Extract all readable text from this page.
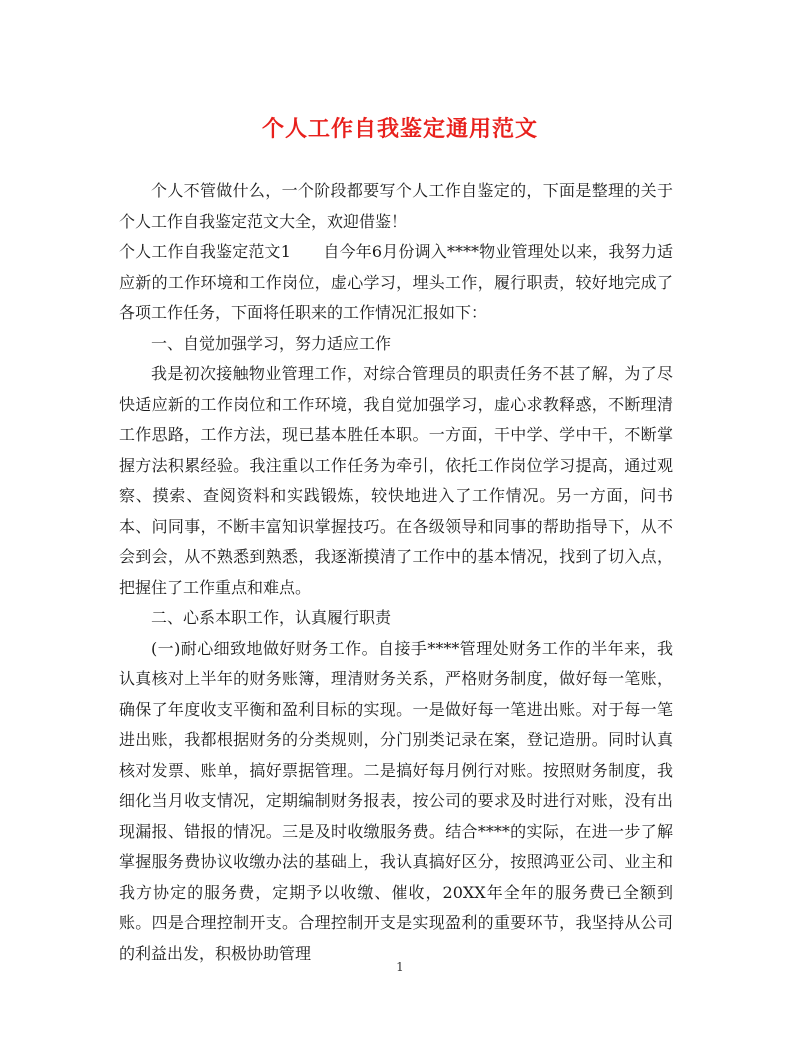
个人工作自我鉴定通用范文

个人不管做什么，一个阶段都要写个人工作自鉴定的，下面是整理的关于个人工作自我鉴定范文大全，欢迎借鉴！

个人工作自我鉴定范文1　　自今年6月份调入****物业管理处以来，我努力适应新的工作环境和工作岗位，虚心学习，埋头工作，履行职责，较好地完成了各项工作任务，下面将任职来的工作情况汇报如下：

一、自觉加强学习，努力适应工作

我是初次接触物业管理工作，对综合管理员的职责任务不甚了解，为了尽快适应新的工作岗位和工作环境，我自觉加强学习，虚心求教释惑，不断理清工作思路，工作方法，现已基本胜任本职。一方面，干中学、学中干，不断掌握方法积累经验。我注重以工作任务为牵引，依托工作岗位学习提高，通过观察、摸索、查阅资料和实践锻炼，较快地进入了工作情况。另一方面，问书本、问同事，不断丰富知识掌握技巧。在各级领导和同事的帮助指导下，从不会到会，从不熟悉到熟悉，我逐渐摸清了工作中的基本情况，找到了切入点，把握住了工作重点和难点。

二、心系本职工作，认真履行职责

(一)耐心细致地做好财务工作。自接手****管理处财务工作的半年来，我认真核对上半年的财务账簿，理清财务关系，严格财务制度，做好每一笔账，确保了年度收支平衡和盈利目标的实现。一是做好每一笔进出账。对于每一笔进出账，我都根据财务的分类规则，分门别类记录在案，登记造册。同时认真核对发票、账单，搞好票据管理。二是搞好每月例行对账。按照财务制度，我细化当月收支情况，定期编制财务报表，按公司的要求及时进行对账，没有出现漏报、错报的情况。三是及时收缴服务费。结合****的实际，在进一步了解掌握服务费协议收缴办法的基础上，我认真搞好区分，按照鸿亚公司、业主和我方协定的服务费，定期予以收缴、催收，20XX年全年的服务费已全额到账。四是合理控制开支。合理控制开支是实现盈利的重要环节，我坚持从公司的利益出发，积极协助管理

1
